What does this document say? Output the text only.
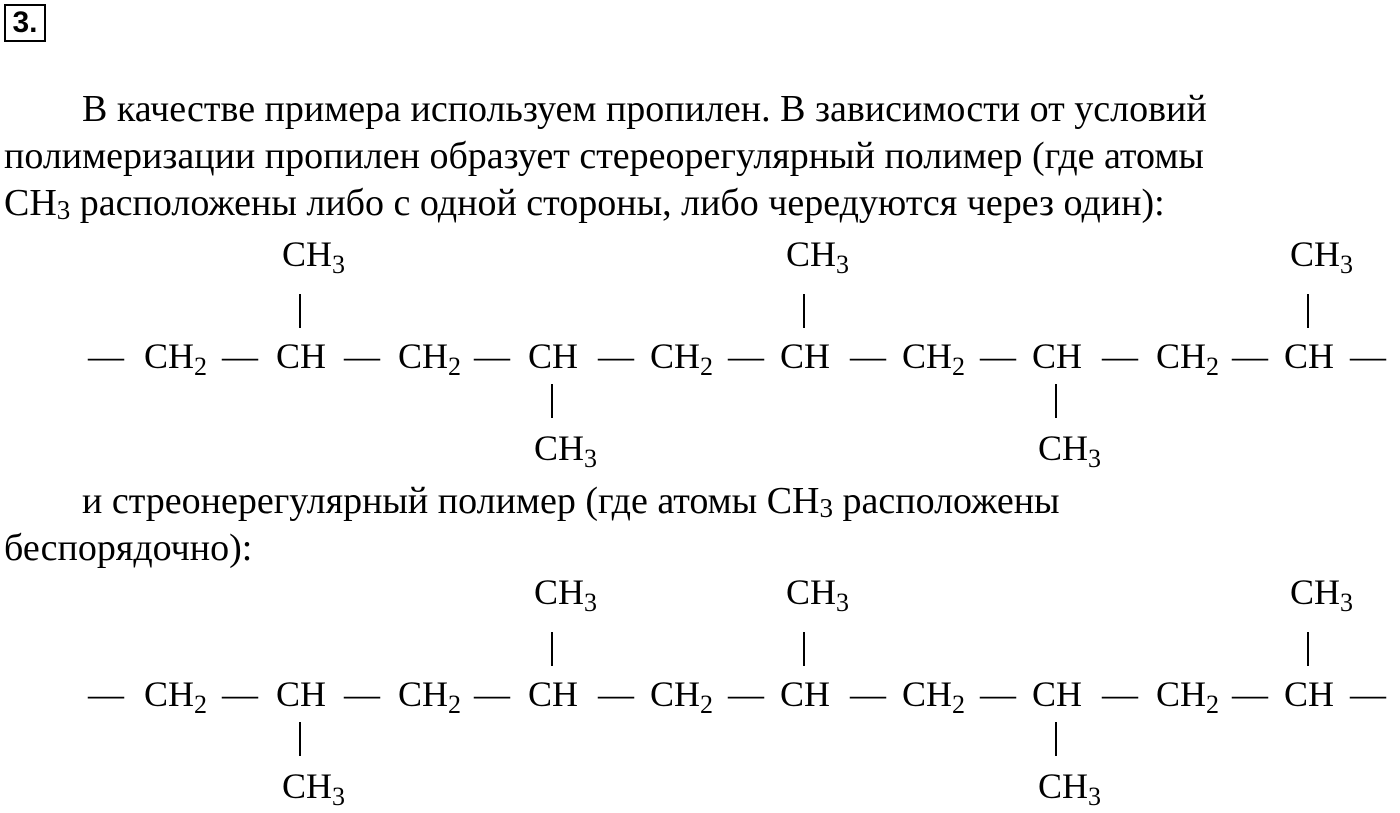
3.

В качестве примера используем пропилен. В зависимости от условий
полимеризации пропилен образует стереорегулярный полимер (где атомы
$CH_3$ расположены либо с одной стороны, либо чередуются через один):

—	— —	— —	— —	— —	— —
$CH_2$	$CH_2$	$CH_2$	$CH_2$	$CH_2$
CH
$CH_3$
CH
$CH_3$
CH
$CH_3$
CH
$CH_3$
CH
$CH_3$

и стреонерегулярный полимер (где атомы $CH_3$ расположены
беспорядочно):

—	— —	— —	— —	— —	— —
$CH_2$	$CH_2$	$CH_2$	$CH_2$	$CH_2$
CH
$CH_3$
CH
$CH_3$
CH
$CH_3$
CH
$CH_3$
CH
$CH_3$
